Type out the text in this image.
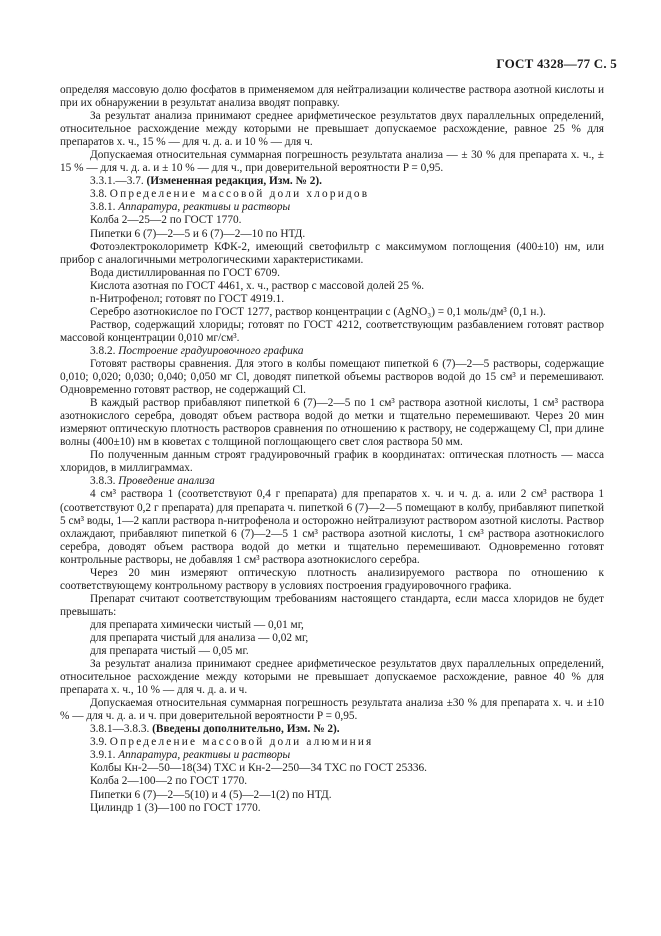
ГОСТ 4328—77 С. 5

определяя массовую долю фосфатов в применяемом для нейтрализации количестве раствора азотной кислоты и при их обнаружении в результат анализа вводят поправку.

За результат анализа принимают среднее арифметическое результатов двух параллельных определений, относительное расхождение между которыми не превышает допускаемое расхождение, равное 25 % для препаратов х. ч., 15 % — для ч. д. а. и 10 % — для ч.

Допускаемая относительная суммарная погрешность результата анализа — ± 30 % для препарата х. ч., ± 15 % — для ч. д. а. и ± 10 % — для ч., при доверительной вероятности P = 0,95.

3.3.1.—3.7. (Измененная редакция, Изм. № 2).

3.8. Определение массовой доли хлоридов

3.8.1. Аппаратура, реактивы и растворы

Колба 2—25—2 по ГОСТ 1770.

Пипетки 6 (7)—2—5 и 6 (7)—2—10 по НТД.

Фотоэлектроколориметр КФК-2, имеющий светофильтр с максимумом поглощения (400±10) нм, или прибор с аналогичными метрологическими характеристиками.

Вода дистиллированная по ГОСТ 6709.

Кислота азотная по ГОСТ 4461, х. ч., раствор с массовой долей 25 %.

n-Нитрофенол; готовят по ГОСТ 4919.1.

Серебро азотнокислое по ГОСТ 1277, раствор концентрации c (AgNO₃) = 0,1 моль/дм³ (0,1 н.).

Раствор, содержащий хлориды; готовят по ГОСТ 4212, соответствующим разбавлением готовят раствор массовой концентрации 0,010 мг/см³.

3.8.2. Построение градуировочного графика

Готовят растворы сравнения. Для этого в колбы помещают пипеткой 6 (7)—2—5 растворы, содержащие 0,010; 0,020; 0,030; 0,040; 0,050 мг Cl, доводят пипеткой объемы растворов водой до 15 см³ и перемешивают. Одновременно готовят раствор, не содержащий Cl.

В каждый раствор прибавляют пипеткой 6 (7)—2—5 по 1 см³ раствора азотной кислоты, 1 см³ раствора азотнокислого серебра, доводят объем раствора водой до метки и тщательно перемешивают. Через 20 мин измеряют оптическую плотность растворов сравнения по отношению к раствору, не содержащему Cl, при длине волны (400±10) нм в кюветах с толщиной поглощающего свет слоя раствора 50 мм.

По полученным данным строят градуировочный график в координатах: оптическая плотность — масса хлоридов, в миллиграммах.

3.8.3. Проведение анализа

4 см³ раствора 1 (соответствуют 0,4 г препарата) для препаратов х. ч. и ч. д. а. или 2 см³ раствора 1 (соответствуют 0,2 г препарата) для препарата ч. пипеткой 6 (7)—2—5 помещают в колбу, прибавляют пипеткой 5 см³ воды, 1—2 капли раствора n-нитрофенола и осторожно нейтрализуют раствором азотной кислоты. Раствор охлаждают, прибавляют пипеткой 6 (7)—2—5 1 см³ раствора азотной кислоты, 1 см³ раствора азотнокислого серебра, доводят объем раствора водой до метки и тщательно перемешивают. Одновременно готовят контрольные растворы, не добавляя 1 см³ раствора азотнокислого серебра.

Через 20 мин измеряют оптическую плотность анализируемого раствора по отношению к соответствующему контрольному раствору в условиях построения градуировочного графика.

Препарат считают соответствующим требованиям настоящего стандарта, если масса хлоридов не будет превышать:

для препарата химически чистый — 0,01 мг,

для препарата чистый для анализа — 0,02 мг,

для препарата чистый — 0,05 мг.

За результат анализа принимают среднее арифметическое результатов двух параллельных определений, относительное расхождение между которыми не превышает допускаемое расхождение, равное 40 % для препарата х. ч., 10 % — для ч. д. а. и ч.

Допускаемая относительная суммарная погрешность результата анализа ±30 % для препарата х. ч. и ±10 % — для ч. д. а. и ч. при доверительной вероятности P = 0,95.

3.8.1—3.8.3. (Введены дополнительно, Изм. № 2).

3.9. Определение массовой доли алюминия

3.9.1. Аппаратура, реактивы и растворы

Колбы Кн-2—50—18(34) ТХС и Кн-2—250—34 ТХС по ГОСТ 25336.

Колба 2—100—2 по ГОСТ 1770.

Пипетки 6 (7)—2—5(10) и 4 (5)—2—1(2) по НТД.

Цилиндр 1 (3)—100 по ГОСТ 1770.
